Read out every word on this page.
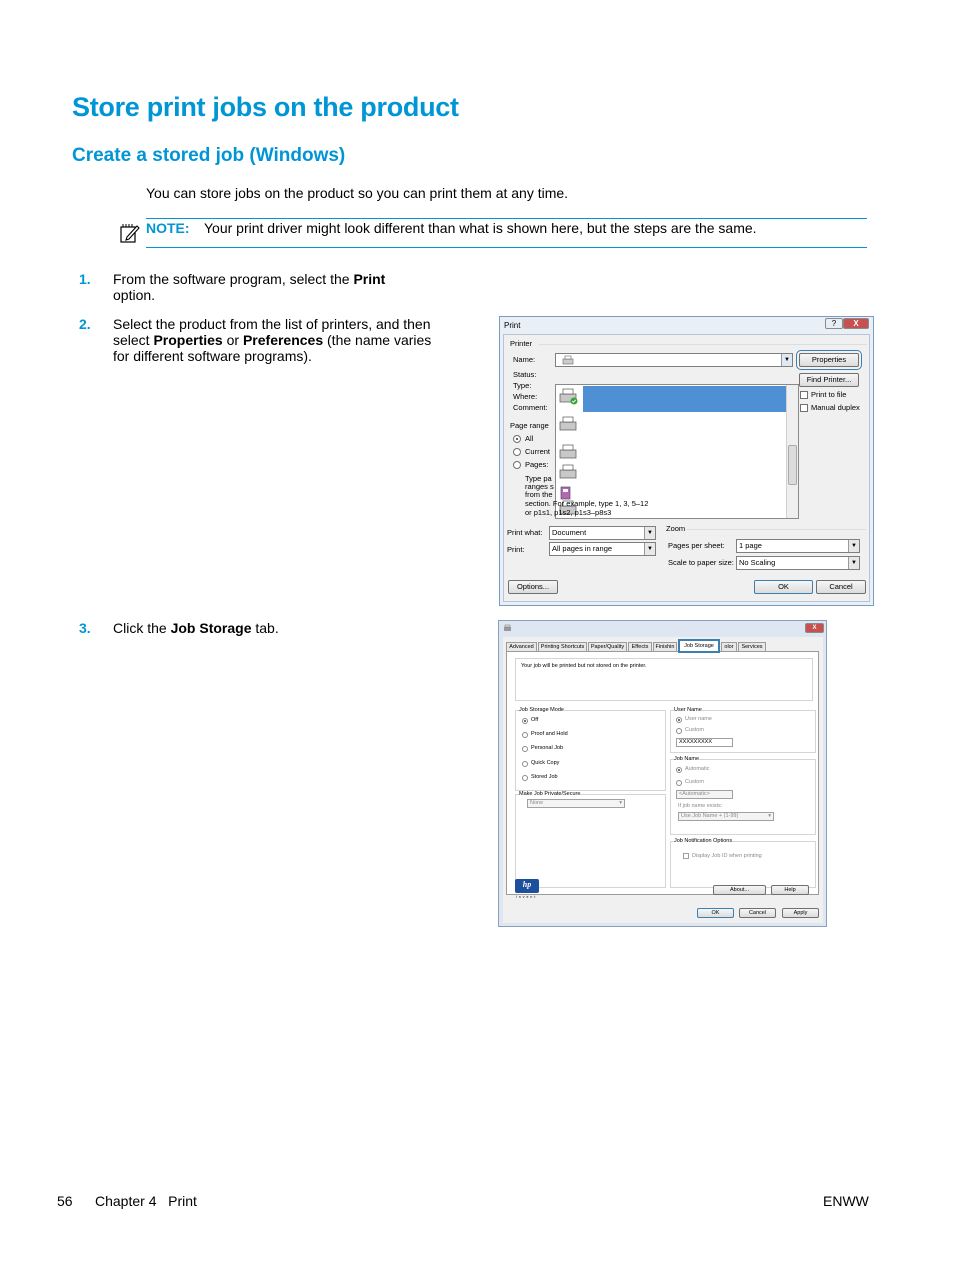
Store print jobs on the product
Create a stored job (Windows)
You can store jobs on the product so you can print them at any time.
NOTE: Your print driver might look different than what is shown here, but the steps are the same.
1. From the software program, select the Print
option.
2. Select the product from the list of printers, and then select Properties or Preferences (the name varies for different software programs).
3. Click the Job Storage tab.
Print	?	X
Printer
Name:
Status:
Type:
Where:
Comment:
▼	Properties
Find Printer...
Print to file
Manual duplex
Page range
All
Current
Pages:
Type pa
ranges s
from the
section. For example, type 1, 3, 5–12
or p1s1, p1s2, p1s3–p8s3
Print what:	Document	▼
Print:	All pages in range	▼
Zoom
Pages per sheet:	1 page	▼
Scale to paper size: No Scaling	▼
Options...	OK	Cancel
X
Advanced	Printing Shortcuts	Paper/Quality	Effects	Finishin	Job Storage	olor	Services
Your job will be printed but not stored on the printer.
Job Storage Mode
Off
Proof and Hold
Personal Job
Quick Copy
Stored Job
Make Job Private/Secure
None	▾
User Name
User name
Custom
XXXXXXXXX
Job Name
Automatic
Custom
<Automatic>
If job name exists:
Use Job Name + (1-99)	▾
Job Notification Options
Display Job ID when printing
hp
invent
About...	Help
OK	Cancel	Apply
56 Chapter 4   Print	ENWW
